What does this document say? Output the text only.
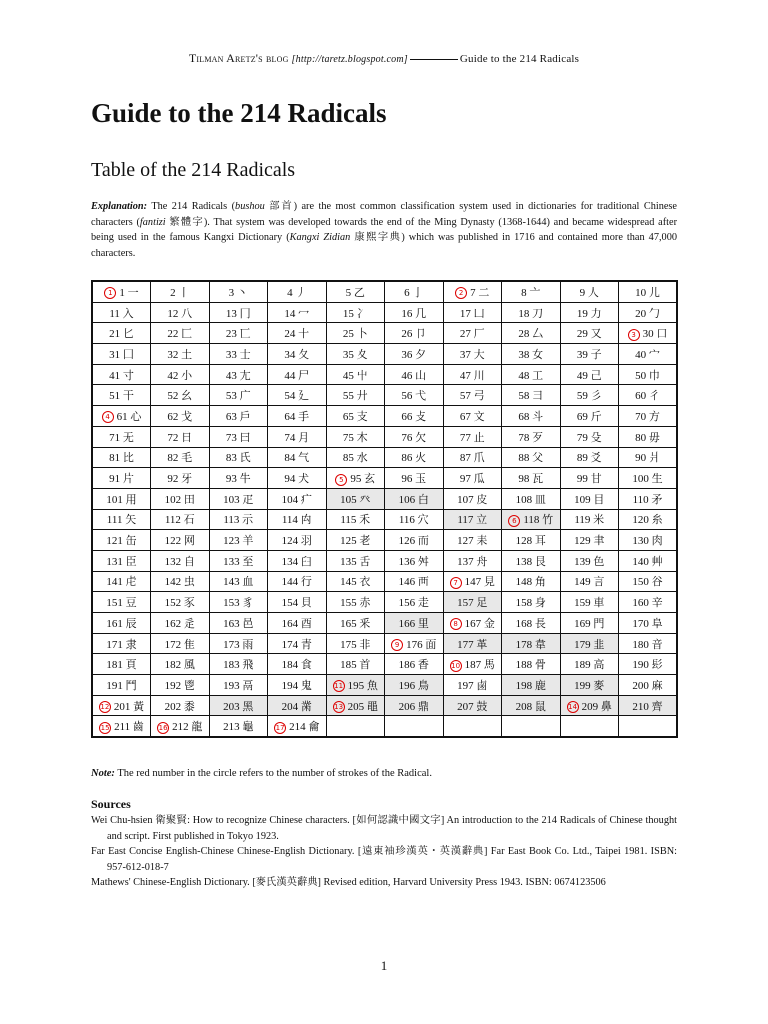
Tilman Aretz's blog [http://taretz.blogspot.com]	Guide to the 214 Radicals
Guide to the 214 Radicals
Table of the 214 Radicals

Explanation: The 214 Radicals (bushou 部首) are the most common classification system used in dictionaries for traditional Chinese characters (fantizi 繁體字). That system was developed towards the end of the Ming Dynasty (1368-1644) and became widespread after being used in the famous Kangxi Dictionary (Kangxi Zidian 康熙字典) which was published in 1716 and contained more than 47,000 characters.

1 1 一	2 丨	3 丶	4 丿	5 乙	6 亅	2 7 二	8 亠	9 人	10 儿
11 入	12 八	13 冂	14 冖	15 冫	16 几	17 凵	18 刀	19 力	20 勹
21 匕	22 匚	23 匸	24 十	25 卜	26 卩	27 厂	28 厶	29 又	3 30 口
31 囗	32 土	33 士	34 夂	35 夊	36 夕	37 大	38 女	39 子	40 宀
41 寸	42 小	43 尢	44 尸	45 屮	46 山	47 川	48 工	49 己	50 巾
51 干	52 幺	53 广	54 廴	55 廾	56 弋	57 弓	58 彐	59 彡	60 彳
4 61 心	62 戈	63 戶	64 手	65 支	66 攴	67 文	68 斗	69 斤	70 方
71 无	72 日	73 曰	74 月	75 木	76 欠	77 止	78 歹	79 殳	80 毋
81 比	82 毛	83 氏	84 气	85 水	86 火	87 爪	88 父	89 爻	90 爿
91 片	92 牙	93 牛	94 犬	5 95 玄	96 玉	97 瓜	98 瓦	99 甘	100 生
101 用	102 田	103 疋	104 疒	105 癶	106 白	107 皮	108 皿	109 目	110 矛
111 矢	112 石	113 示	114 禸	115 禾	116 穴	117 立	6 118 竹	119 米	120 糸
121 缶	122 网	123 羊	124 羽	125 老	126 而	127 耒	128 耳	129 聿	130 肉
131 臣	132 自	133 至	134 臼	135 舌	136 舛	137 舟	138 艮	139 色	140 艸
141 虍	142 虫	143 血	144 行	145 衣	146 襾	7 147 見	148 角	149 言	150 谷
151 豆	152 豕	153 豸	154 貝	155 赤	156 走	157 足	158 身	159 車	160 辛
161 辰	162 辵	163 邑	164 酉	165 釆	166 里	8 167 金	168 長	169 門	170 阜
171 隶	172 隹	173 雨	174 青	175 非	9 176 面	177 革	178 韋	179 韭	180 音
181 頁	182 風	183 飛	184 食	185 首	186 香	10 187 馬	188 骨	189 高	190 髟
191 鬥	192 鬯	193 鬲	194 鬼	11 195 魚	196 鳥	197 鹵	198 鹿	199 麥	200 麻
12 201 黃	202 黍	203 黑	204 黹	13 205 黽	206 鼎	207 鼓	208 鼠	14 209 鼻	210 齊
15 211 齒	16 212 龍	213 龜	17 214 龠						

Note: The red number in the circle refers to the number of strokes of the Radical.

Sources
Wei Chu-hsien 衛聚賢: How to recognize Chinese characters. [如何認識中國文字] An introduction to the 214 Radicals of Chinese thought and script. First published in Tokyo 1923.
Far East Concise English-Chinese Chinese-English Dictionary. [遠東袖珍漢英・英漢辭典] Far East Book Co. Ltd., Taipei 1981. ISBN: 957-612-018-7
Mathews' Chinese-English Dictionary. [麥氏漢英辭典] Revised edition, Harvard University Press 1943. ISBN: 0674123506
1
